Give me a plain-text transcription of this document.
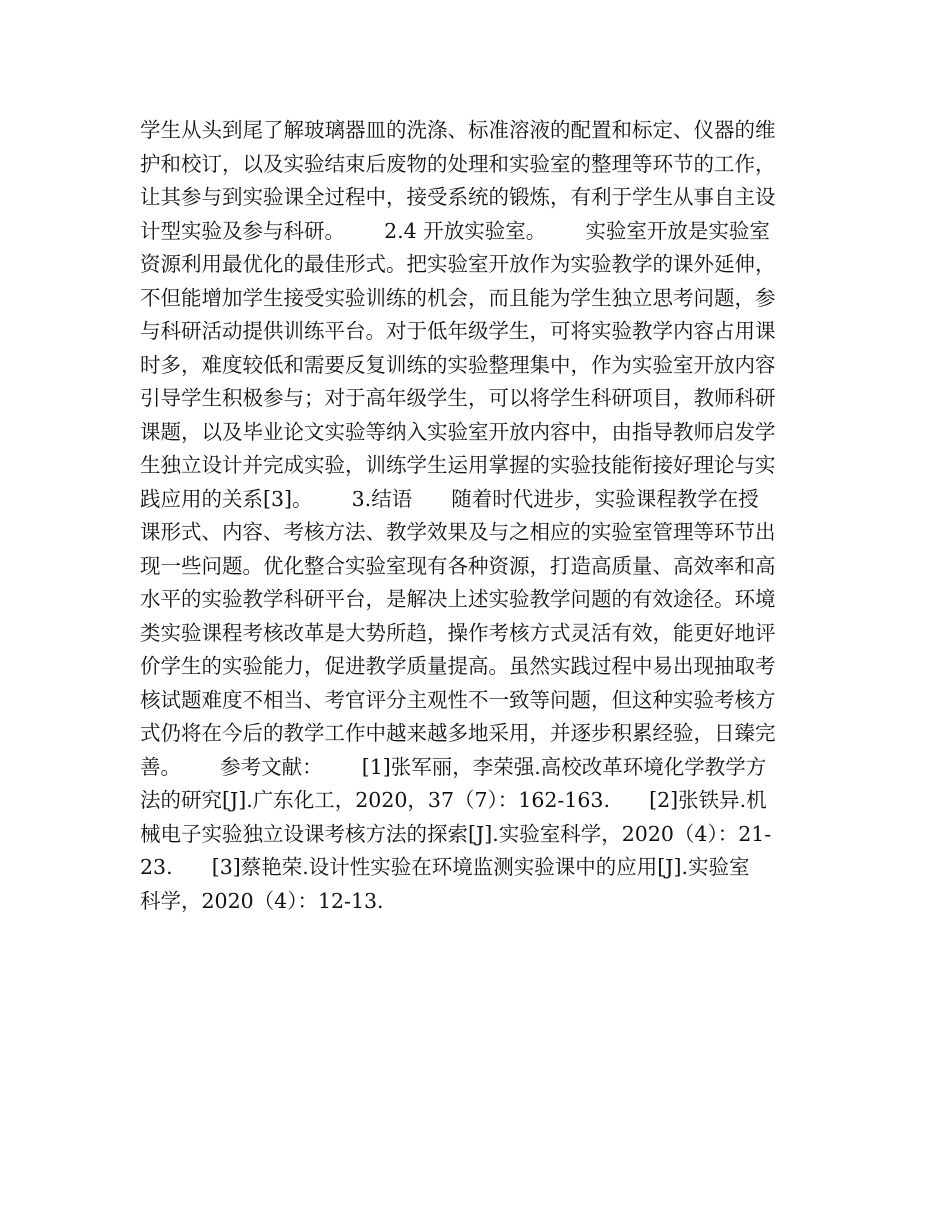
学生从头到尾了解玻璃器皿的洗涤、标准溶液的配置和标定、仪器的维
护和校订，以及实验结束后废物的处理和实验室的整理等环节的工作，
让其参与到实验课全过程中，接受系统的锻炼，有利于学生从事自主设
计型实验及参与科研。      2.4 开放实验室。      实验室开放是实验室
资源利用最优化的最佳形式。把实验室开放作为实验教学的课外延伸，
不但能增加学生接受实验训练的机会，而且能为学生独立思考问题，参
与科研活动提供训练平台。对于低年级学生，可将实验教学内容占用课
时多，难度较低和需要反复训练的实验整理集中，作为实验室开放内容
引导学生积极参与；对于高年级学生，可以将学生科研项目，教师科研
课题，以及毕业论文实验等纳入实验室开放内容中，由指导教师启发学
生独立设计并完成实验，训练学生运用掌握的实验技能衔接好理论与实
践应用的关系[3]。      3.结语      随着时代进步，实验课程教学在授
课形式、内容、考核方法、教学效果及与之相应的实验室管理等环节出
现一些问题。优化整合实验室现有各种资源，打造高质量、高效率和高
水平的实验教学科研平台，是解决上述实验教学问题的有效途径。环境
类实验课程考核改革是大势所趋，操作考核方式灵活有效，能更好地评
价学生的实验能力，促进教学质量提高。虽然实践过程中易出现抽取考
核试题难度不相当、考官评分主观性不一致等问题，但这种实验考核方
式仍将在今后的教学工作中越来越多地采用，并逐步积累经验，日臻完
善。      参考文献：      [1]张军丽，李荣强.高校改革环境化学教学方
法的研究[J].广东化工，2020，37（7）：162-163.      [2]张铁异.机
械电子实验独立设课考核方法的探索[J].实验室科学，2020（4）：21-
23.      [3]蔡艳荣.设计性实验在环境监测实验课中的应用[J].实验室
科学，2020（4）：12-13.
